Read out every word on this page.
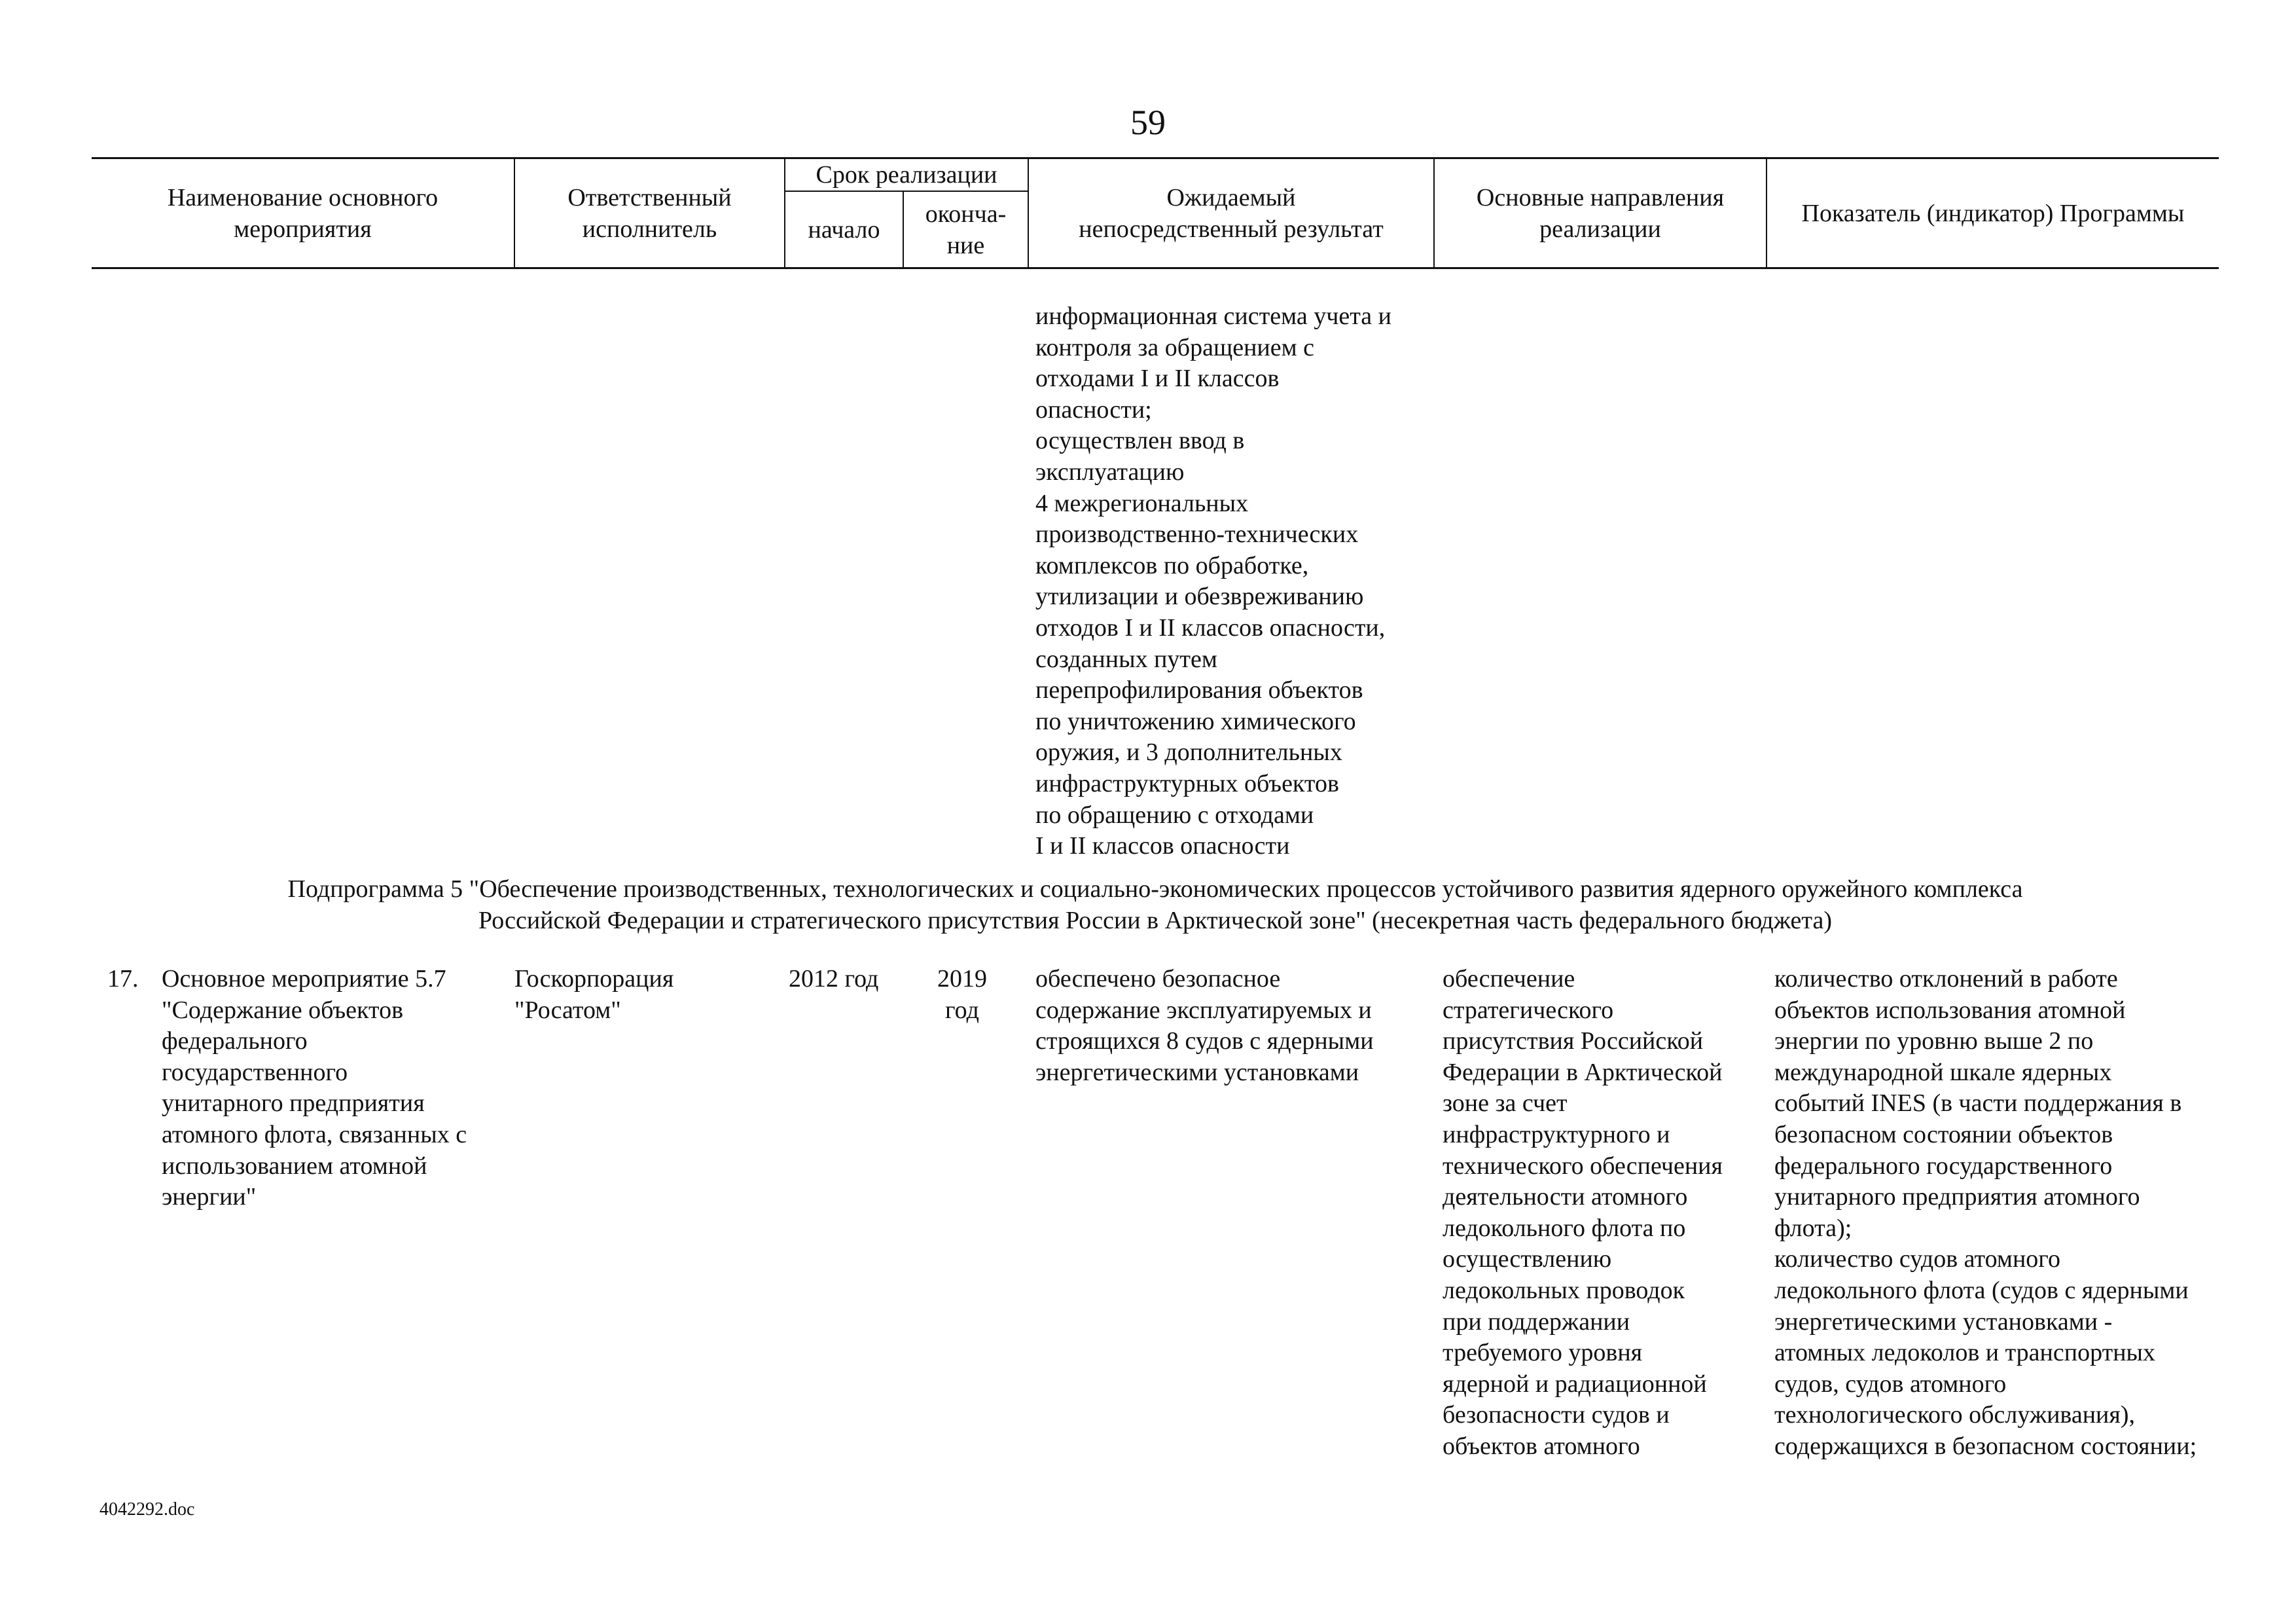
59
Наименование основного
мероприятия
Ответственный
исполнитель
Срок реализации
начало
оконча-
ние
Ожидаемый
непосредственный результат
Основные направления
реализации
Показатель (индикатор) Программы
информационная система учета и
контроля за обращением с
отходами I и II классов
опасности;
осуществлен ввод в
эксплуатацию
4 межрегиональных
производственно-технических
комплексов по обработке,
утилизации и обезвреживанию
отходов I и II классов опасности,
созданных путем
перепрофилирования объектов
по уничтожению химического
оружия, и 3 дополнительных
инфраструктурных объектов
по обращению с отходами
I и II классов опасности
Подпрограмма 5 "Обеспечение производственных, технологических и социально-экономических процессов устойчивого развития ядерного оружейного комплекса
Российской Федерации и стратегического присутствия России в Арктической зоне" (несекретная часть федерального бюджета)
17. Основное мероприятие 5.7
"Содержание объектов
федерального
государственного
унитарного предприятия
атомного флота, связанных с
использованием атомной
энергии"
Госкорпорация
"Росатом"
2012 год	2019
год
обеспечено безопасное
содержание эксплуатируемых и
строящихся 8 судов с ядерными
энергетическими установками
обеспечение
стратегического
присутствия Российской
Федерации в Арктической
зоне за счет
инфраструктурного и
технического обеспечения
деятельности атомного
ледокольного флота по
осуществлению
ледокольных проводок
при поддержании
требуемого уровня
ядерной и радиационной
безопасности судов и
объектов атомного
количество отклонений в работе
объектов использования атомной
энергии по уровню выше 2 по
международной шкале ядерных
событий INES (в части поддержания в
безопасном состоянии объектов
федерального государственного
унитарного предприятия атомного
флота);
количество судов атомного
ледокольного флота (судов с ядерными
энергетическими установками -
атомных ледоколов и транспортных
судов, судов атомного
технологического обслуживания),
содержащихся в безопасном состоянии;
4042292.doc
